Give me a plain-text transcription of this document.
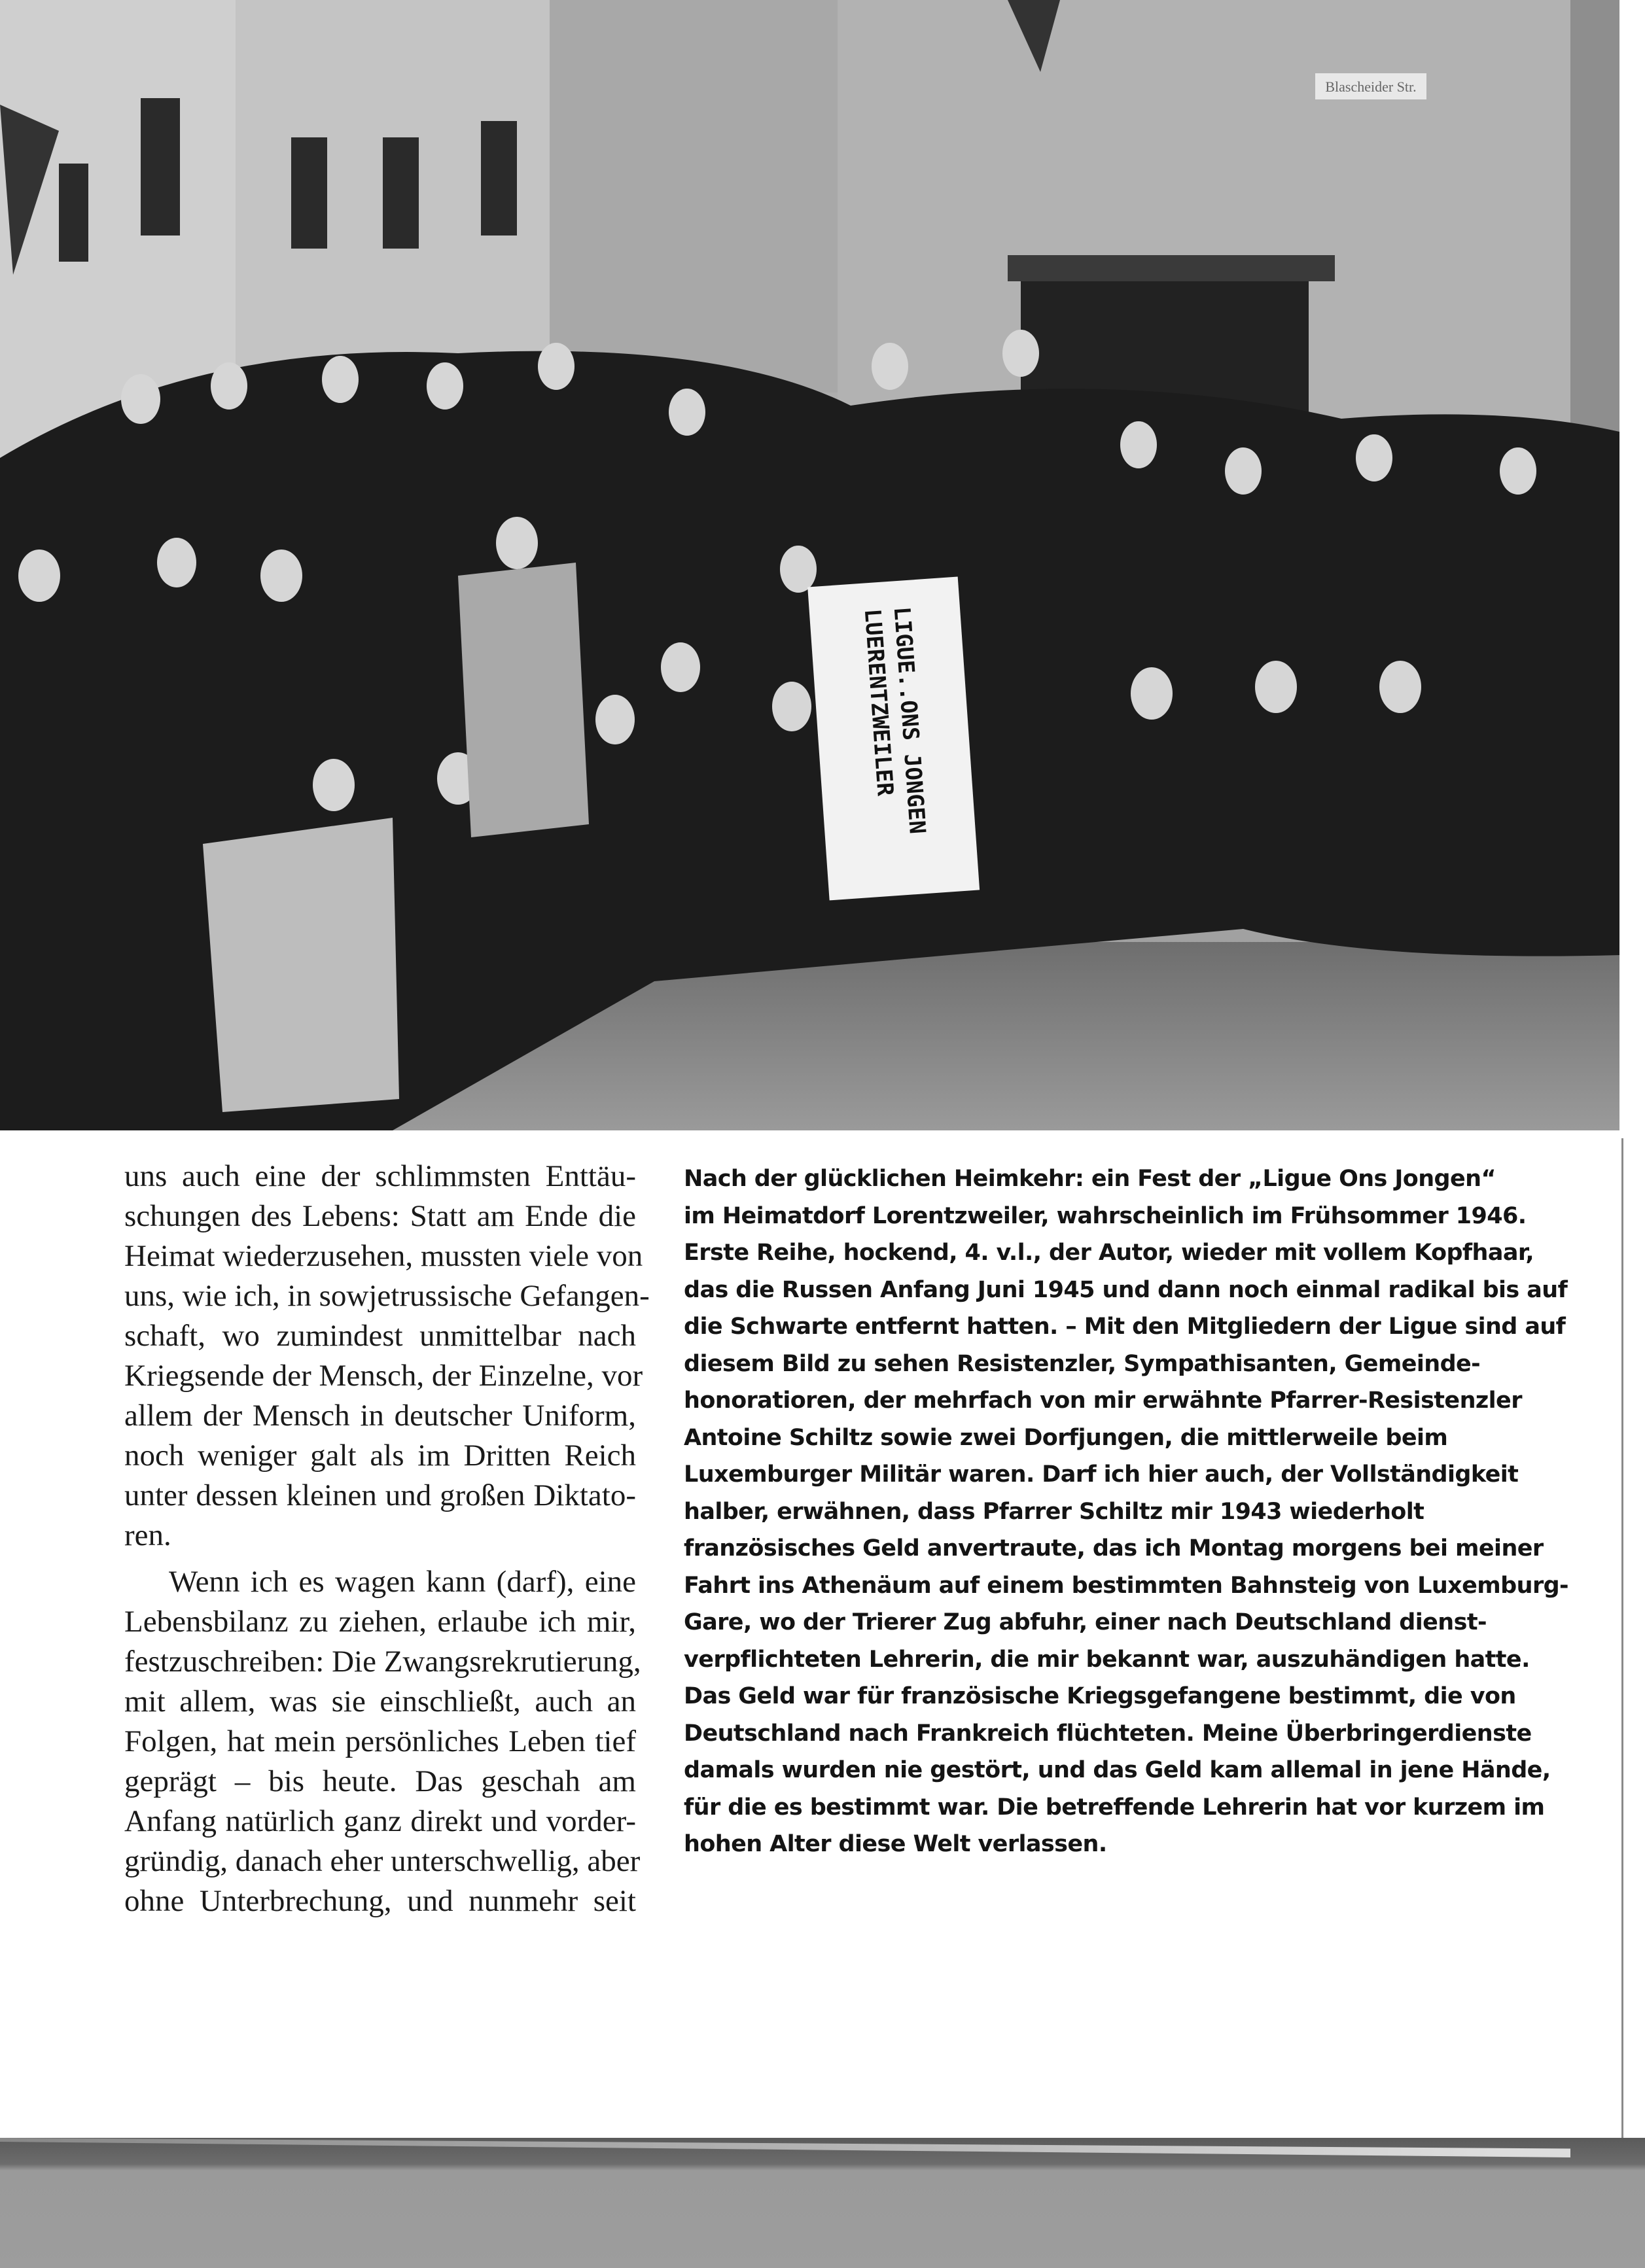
Blascheider Str.
LIGUE..ONS JONGEN
LUERENTZWEILER
uns auch eine der schlimmsten Enttäu-
schungen des Lebens: Statt am Ende die
Heimat wiederzusehen, mussten viele von
uns, wie ich, in sowjetrussische Gefangen-
schaft, wo zumindest unmittelbar nach
Kriegsende der Mensch, der Einzelne, vor
allem der Mensch in deutscher Uniform,
noch weniger galt als im Dritten Reich
unter dessen kleinen und großen Diktato-
ren.
Wenn ich es wagen kann (darf), eine
Lebensbilanz zu ziehen, erlaube ich mir,
festzuschreiben: Die Zwangsrekrutierung,
mit allem, was sie einschließt, auch an
Folgen, hat mein persönliches Leben tief
geprägt – bis heute. Das geschah am
Anfang natürlich ganz direkt und vorder-
gründig, danach eher unterschwellig, aber
ohne Unterbrechung, und nunmehr seit
Nach der glücklichen Heimkehr: ein Fest der „Ligue Ons Jongen“
im Heimatdorf Lorentzweiler, wahrscheinlich im Frühsommer 1946.
Erste Reihe, hockend, 4. v.l., der Autor, wieder mit vollem Kopfhaar,
das die Russen Anfang Juni 1945 und dann noch einmal radikal bis auf
die Schwarte entfernt hatten. – Mit den Mitgliedern der Ligue sind auf
diesem Bild zu sehen Resistenzler, Sympathisanten, Gemeinde-
honoratioren, der mehrfach von mir erwähnte Pfarrer-Resistenzler
Antoine Schiltz sowie zwei Dorfjungen, die mittlerweile beim
Luxemburger Militär waren. Darf ich hier auch, der Vollständigkeit
halber, erwähnen, dass Pfarrer Schiltz mir 1943 wiederholt
französisches Geld anvertraute, das ich Montag morgens bei meiner
Fahrt ins Athenäum auf einem bestimmten Bahnsteig von Luxemburg-
Gare, wo der Trierer Zug abfuhr, einer nach Deutschland dienst-
verpflichteten Lehrerin, die mir bekannt war, auszuhändigen hatte.
Das Geld war für französische Kriegsgefangene bestimmt, die von
Deutschland nach Frankreich flüchteten. Meine Überbringerdienste
damals wurden nie gestört, und das Geld kam allemal in jene Hände,
für die es bestimmt war. Die betreffende Lehrerin hat vor kurzem im
hohen Alter diese Welt verlassen.
